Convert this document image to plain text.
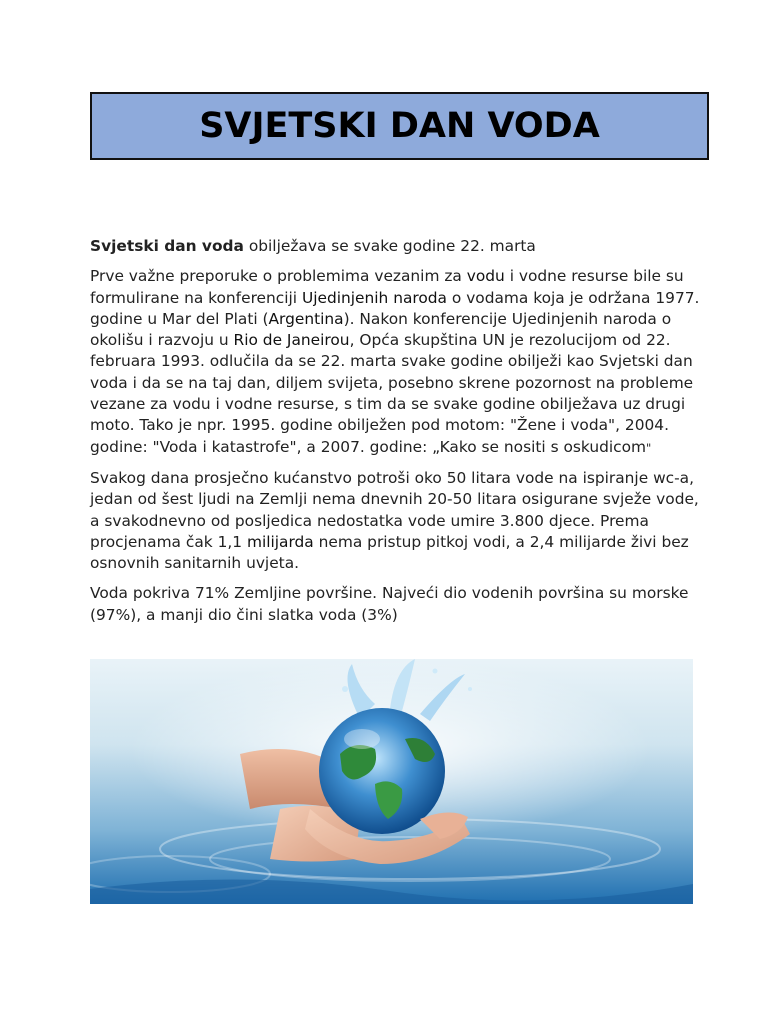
SVJETSKI DAN VODA

Svjetski dan voda obilježava se svake godine 22. marta

Prve važne preporuke o problemima vezanim za vodu i vodne resurse bile su formulirane na konferenciji Ujedinjenih naroda o vodama koja je održana 1977. godine u Mar del Plati (Argentina). Nakon konferencije Ujedinjenih naroda o okolišu i razvoju u Rio de Janeirou, Opća skupština UN je rezolucijom od 22. februara 1993. odlučila da se 22. marta svake godine obilježi kao Svjetski dan voda i da se na taj dan, diljem svijeta, posebno skrene pozornost na probleme vezane za vodu i vodne resurse, s tim da se svake godine obilježava uz drugi moto. Tako je npr. 1995. godine obilježen pod motom: "Žene i voda", 2004. godine: "Voda i katastrofe", a 2007. godine: „Kako se nositi s oskudicom"

Svakog dana prosječno kućanstvo potroši oko 50 litara vode na ispiranje wc-a, jedan od šest ljudi na Zemlji nema dnevnih 20-50 litara osigurane svježe vode, a svakodnevno od posljedica nedostatka vode umire 3.800 djece. Prema procjenama čak 1,1 milijarda nema pristup pitkoj vodi, a 2,4 milijarde živi bez osnovnih sanitarnih uvjeta.

Voda pokriva 71% Zemljine površine. Najveći dio vodenih površina su morske (97%), a manji dio čini slatka voda (3%)
